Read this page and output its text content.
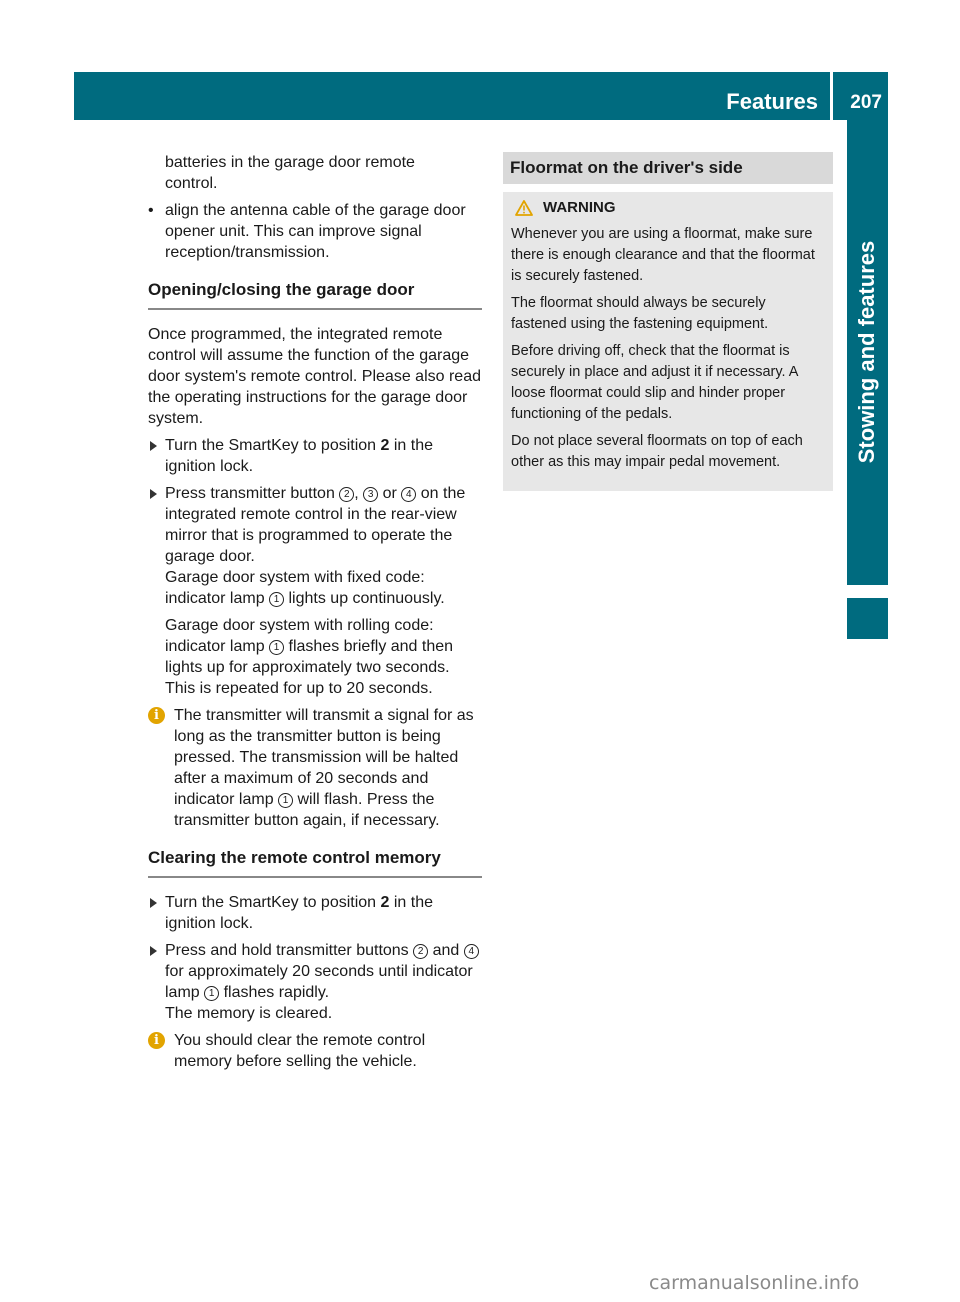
Features 207
Stowing and features
batteries in the garage door remote
control.
• align the antenna cable of the garage door opener unit. This can improve signal reception/transmission.
Opening/closing the garage door
Once programmed, the integrated remote control will assume the function of the garage door system's remote control. Please also read the operating instructions for the garage door system.
Turn the SmartKey to position 2 in the ignition lock.
Press transmitter button 2 , 3 or 4 on the integrated remote control in the rear-view mirror that is programmed to operate the garage door.
Garage door system with fixed code: indicator lamp 1 lights up continuously.
Garage door system with rolling code: indicator lamp 1 flashes briefly and then lights up for approximately two seconds. This is repeated for up to 20 seconds.
i The transmitter will transmit a signal for as long as the transmitter button is being pressed. The transmission will be halted after a maximum of 20 seconds and indicator lamp 1 will flash. Press the transmitter button again, if necessary.
Clearing the remote control memory
Turn the SmartKey to position 2 in the ignition lock.
Press and hold transmitter buttons 2 and 4 for approximately 20 seconds until indicator lamp 1 flashes rapidly.
The memory is cleared.
i You should clear the remote control memory before selling the vehicle.
Floormat on the driver's side
WARNING
Whenever you are using a floormat, make sure there is enough clearance and that the floormat is securely fastened.
The floormat should always be securely fastened using the fastening equipment.
Before driving off, check that the floormat is securely in place and adjust it if necessary. A loose floormat could slip and hinder proper functioning of the pedals.
Do not place several floormats on top of each other as this may impair pedal movement.
carmanualsonline.info
